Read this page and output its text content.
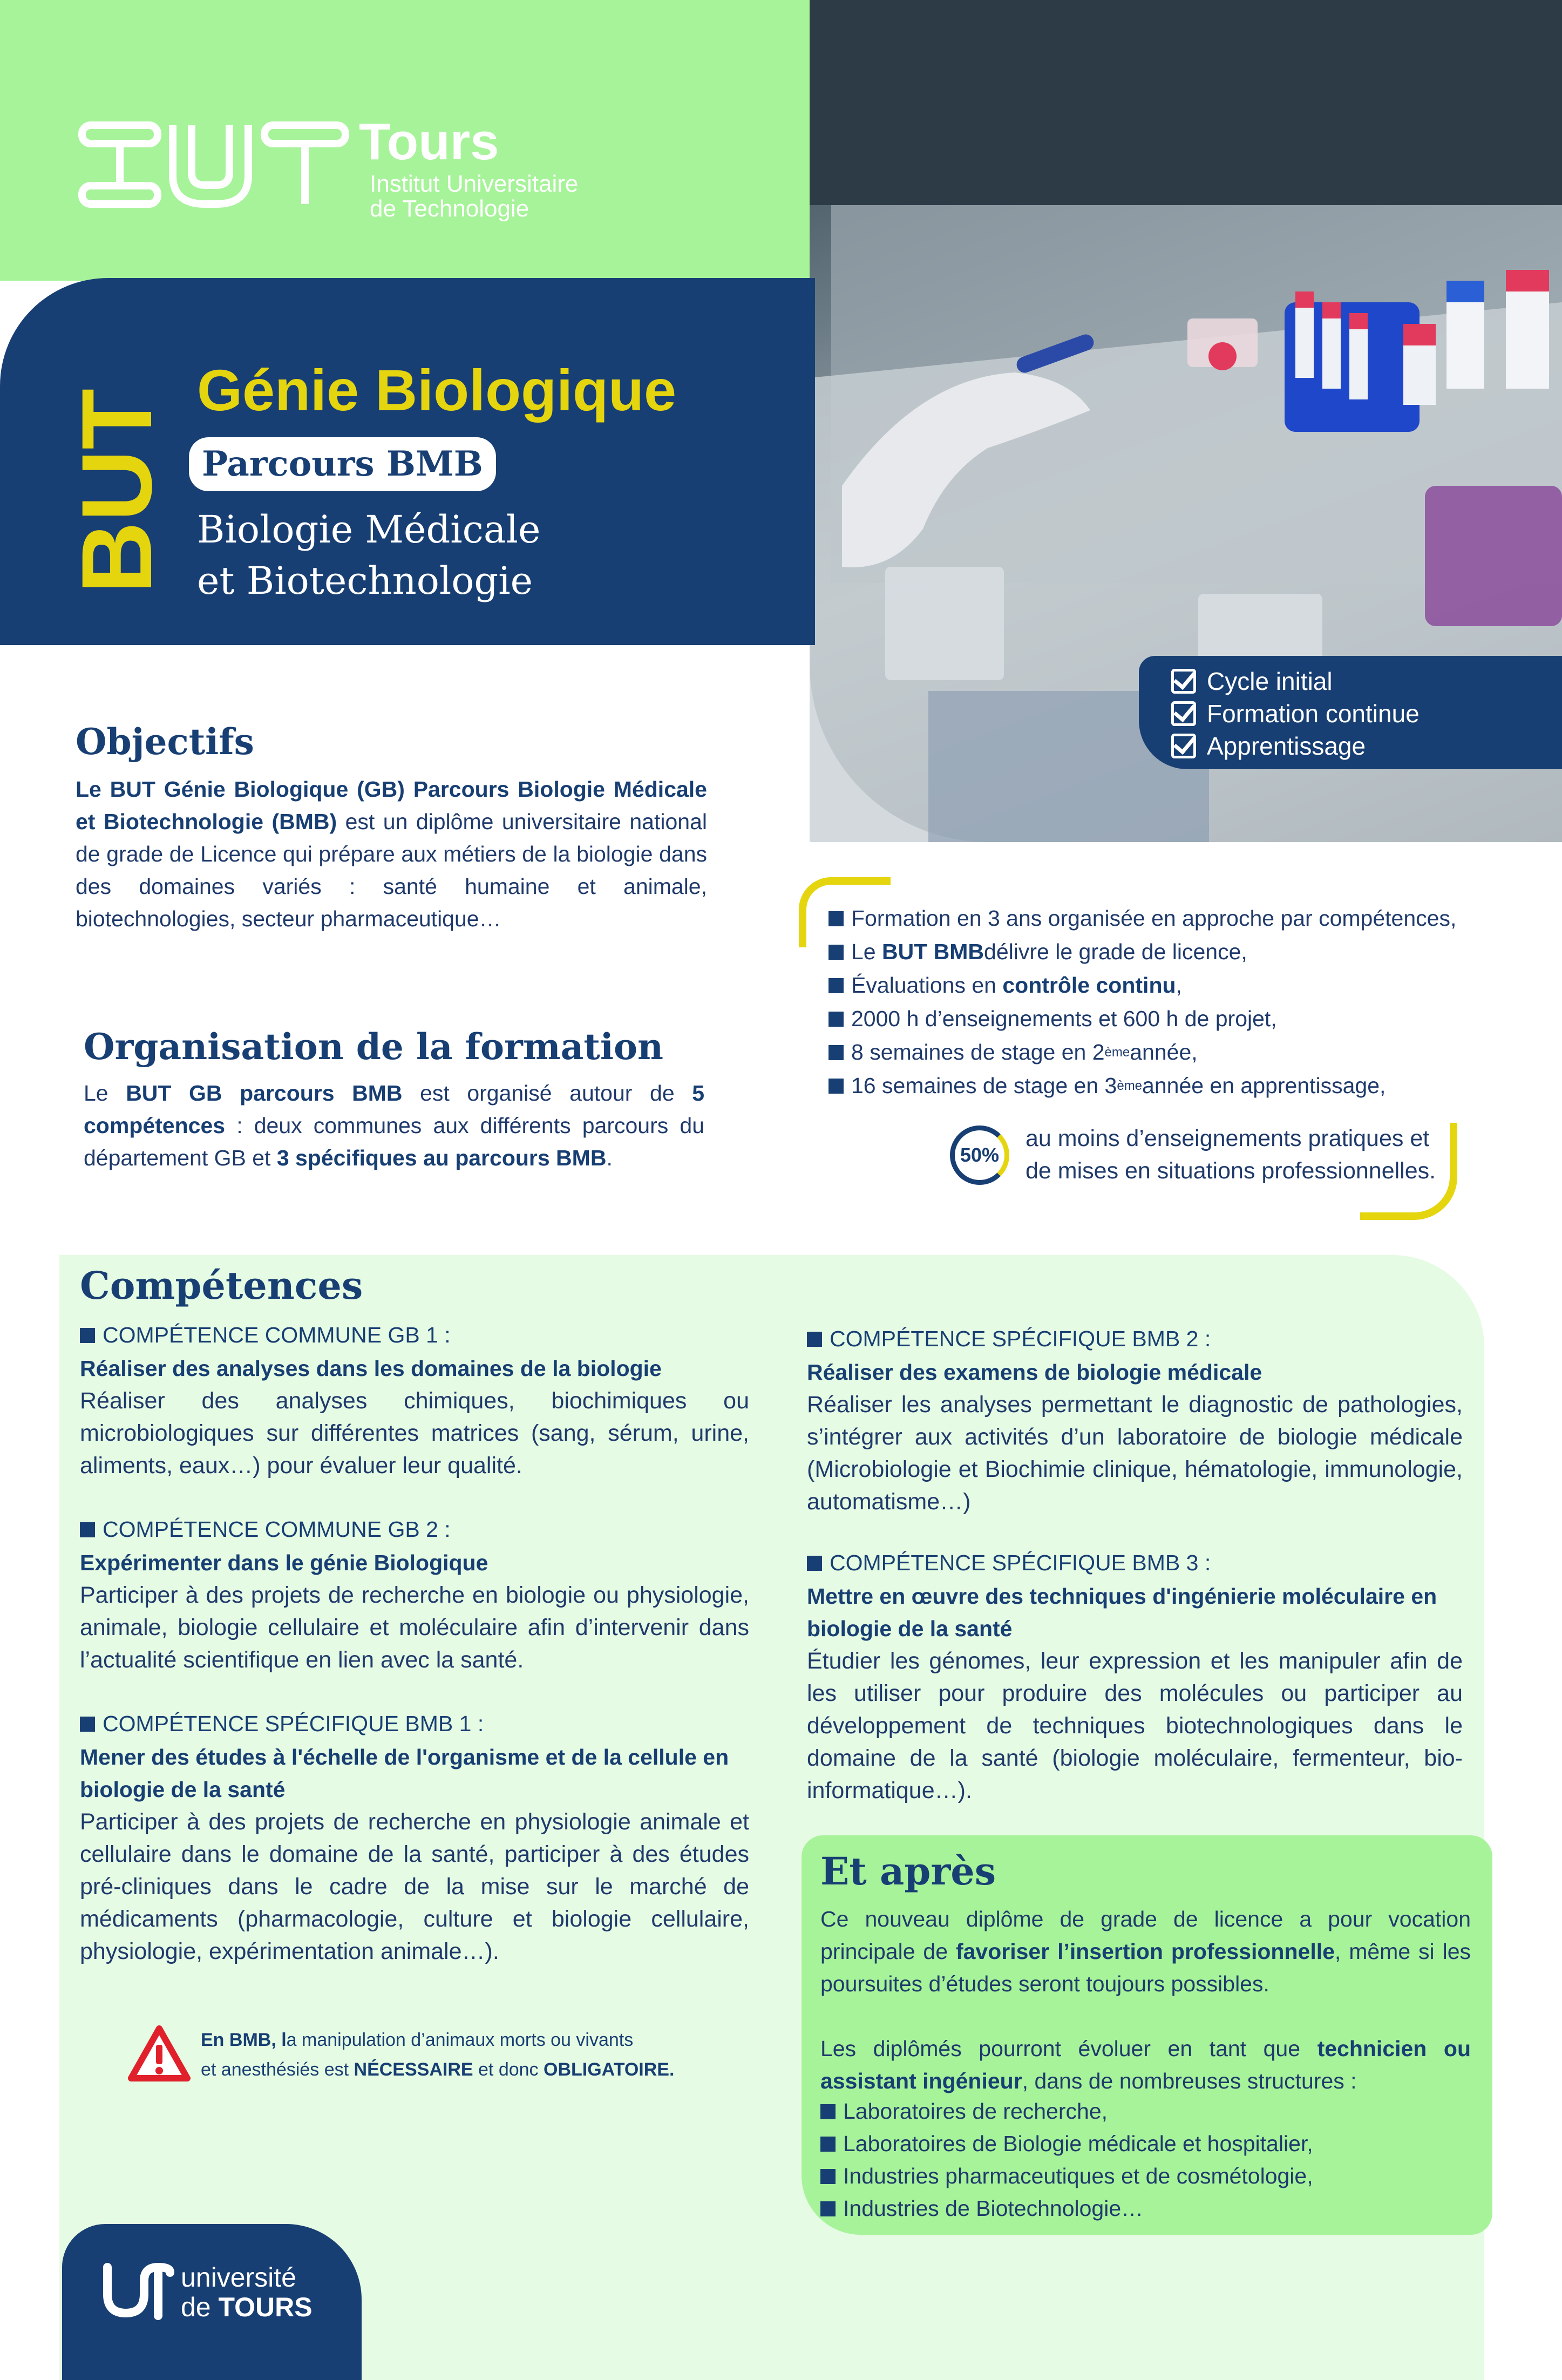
Tours
Institut Universitaire
de Technologie
BUT Génie Biologique
Parcours BMB
Biologie Médicale
et Biotechnologie
Cycle initial
Formation continue
Apprentissage
Objectifs
Le BUT Génie Biologique (GB) Parcours Biologie Médicale et Biotechnologie (BMB) est un diplôme universitaire national de grade de Licence qui prépare aux métiers de la biologie dans des domaines variés : santé humaine et animale, biotechnologies, secteur pharmaceutique…
Organisation de la formation
Le BUT GB parcours BMB est organisé autour de 5 compétences : deux communes aux différents parcours du département GB et 3 spécifiques au parcours BMB.
Formation en 3 ans organisée en approche par compétences,
Le
BUT BMB délivre le grade de licence,
Évaluations en
contrôle continu ,
2000 h d’enseignements et 600 h de projet,
8 semaines de stage en 2 ème année,
16 semaines de stage en 3 ème année en apprentissage,
50%
au moins d’enseignements pratiques et
de mises en situations professionnelles.
Compétences
COMPÉTENCE COMMUNE GB 1 :
Réaliser des analyses dans les domaines de la biologie
Réaliser des analyses chimiques, biochimiques ou microbiologiques sur différentes matrices (sang, sérum, urine, aliments, eaux…) pour évaluer leur qualité.
COMPÉTENCE COMMUNE GB 2 :
Expérimenter dans le génie Biologique
Participer à des projets de recherche en biologie ou physiologie, animale, biologie cellulaire et moléculaire afin d’intervenir dans l’actualité scientifique en lien avec la santé.
COMPÉTENCE SPÉCIFIQUE BMB 1 :
Mener des études à l'échelle de l'organisme et de la cellule en biologie de la santé
Participer à des projets de recherche en physiologie animale et cellulaire dans le domaine de la santé, participer à des études pré-cliniques dans le cadre de la mise sur le marché de médicaments (pharmacologie, culture et biologie cellulaire, physiologie, expérimentation animale…).
COMPÉTENCE SPÉCIFIQUE BMB 2 :
Réaliser des examens de biologie médicale
Réaliser les analyses permettant le diagnostic de pathologies, s’intégrer aux activités d’un laboratoire de biologie médicale (Microbiologie et Biochimie clinique, hématologie, immunologie, automatisme…)
COMPÉTENCE SPÉCIFIQUE BMB 3 :
Mettre en œuvre des techniques d'ingénierie moléculaire en biologie de la santé
Étudier les génomes, leur expression et les manipuler afin de les utiliser pour produire des molécules ou participer au développement de techniques biotechnologiques dans le domaine de la santé (biologie moléculaire, fermenteur, bio-informatique…).
En BMB, la manipulation d’animaux morts ou vivants
et anesthésiés est NÉCESSAIRE et donc OBLIGATOIRE.
Et après
Ce nouveau diplôme de grade de licence a pour vocation principale de favoriser l’insertion professionnelle, même si les poursuites d’études seront toujours possibles.
Les diplômés pourront évoluer en tant que technicien ou assistant ingénieur, dans de nombreuses structures :
Laboratoires de recherche,
Laboratoires de Biologie médicale et hospitalier,
Industries pharmaceutiques et de cosmétologie,
Industries de Biotechnologie…
université
de TOURS
